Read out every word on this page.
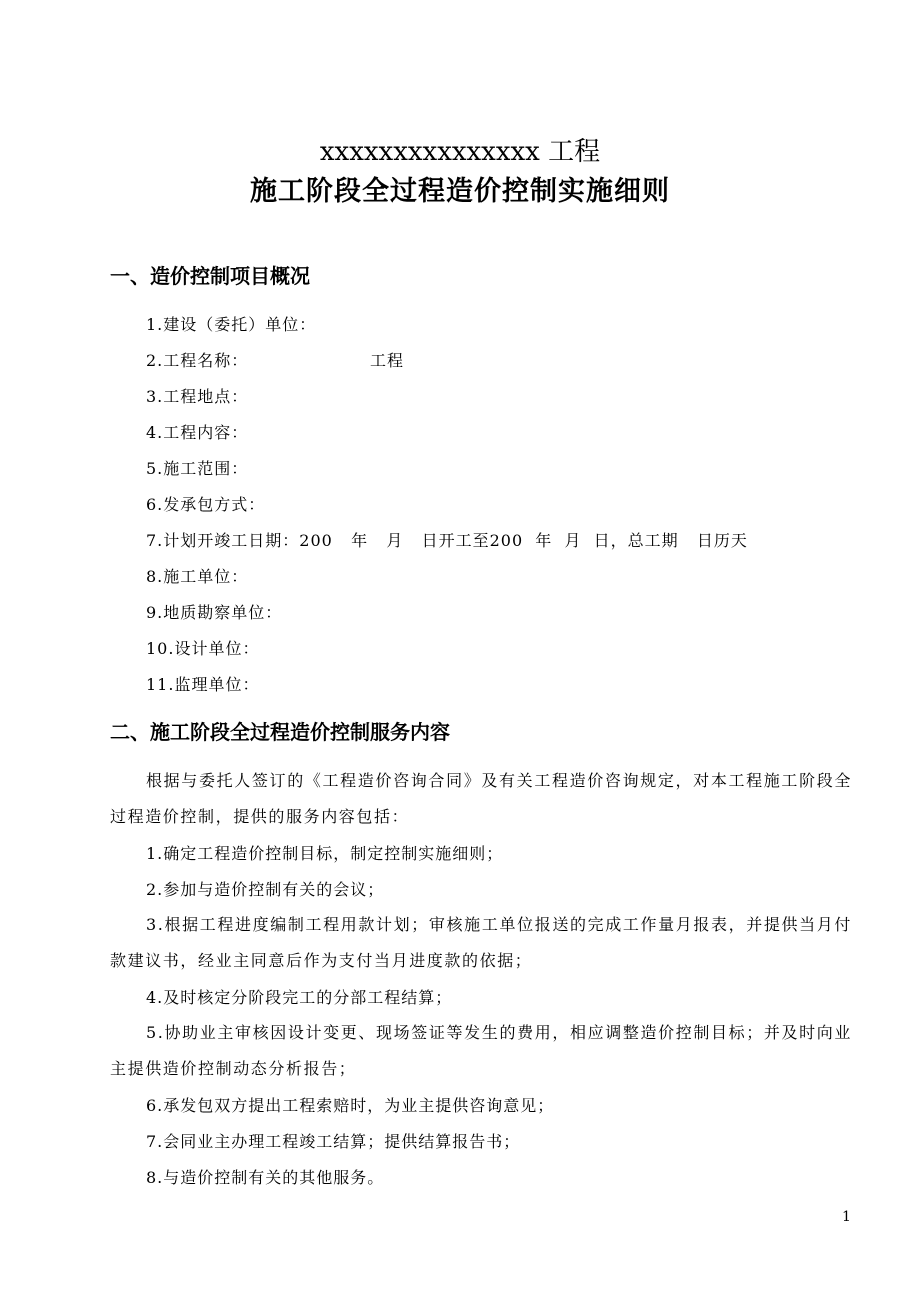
xxxxxxxxxxxxxxx 工程
施工阶段全过程造价控制实施细则
一、造价控制项目概况
1.建设（委托）单位：
2.工程名称：                    工程
3.工程地点：
4.工程内容：
5.施工范围：
6.发承包方式：
7.计划开竣工日期：200   年   月   日开工至200  年  月  日，总工期   日历天
8.施工单位：
9.地质勘察单位：
10.设计单位：
11.监理单位：
二、施工阶段全过程造价控制服务内容
根据与委托人签订的《工程造价咨询合同》及有关工程造价咨询规定，对本工程施工阶段全过程造价控制，提供的服务内容包括：
1.确定工程造价控制目标，制定控制实施细则；
2.参加与造价控制有关的会议；
3.根据工程进度编制工程用款计划；审核施工单位报送的完成工作量月报表，并提供当月付款建议书，经业主同意后作为支付当月进度款的依据；
4.及时核定分阶段完工的分部工程结算；
5.协助业主审核因设计变更、现场签证等发生的费用，相应调整造价控制目标；并及时向业主提供造价控制动态分析报告；
6.承发包双方提出工程索赔时，为业主提供咨询意见；
7.会同业主办理工程竣工结算；提供结算报告书；
8.与造价控制有关的其他服务。
1
